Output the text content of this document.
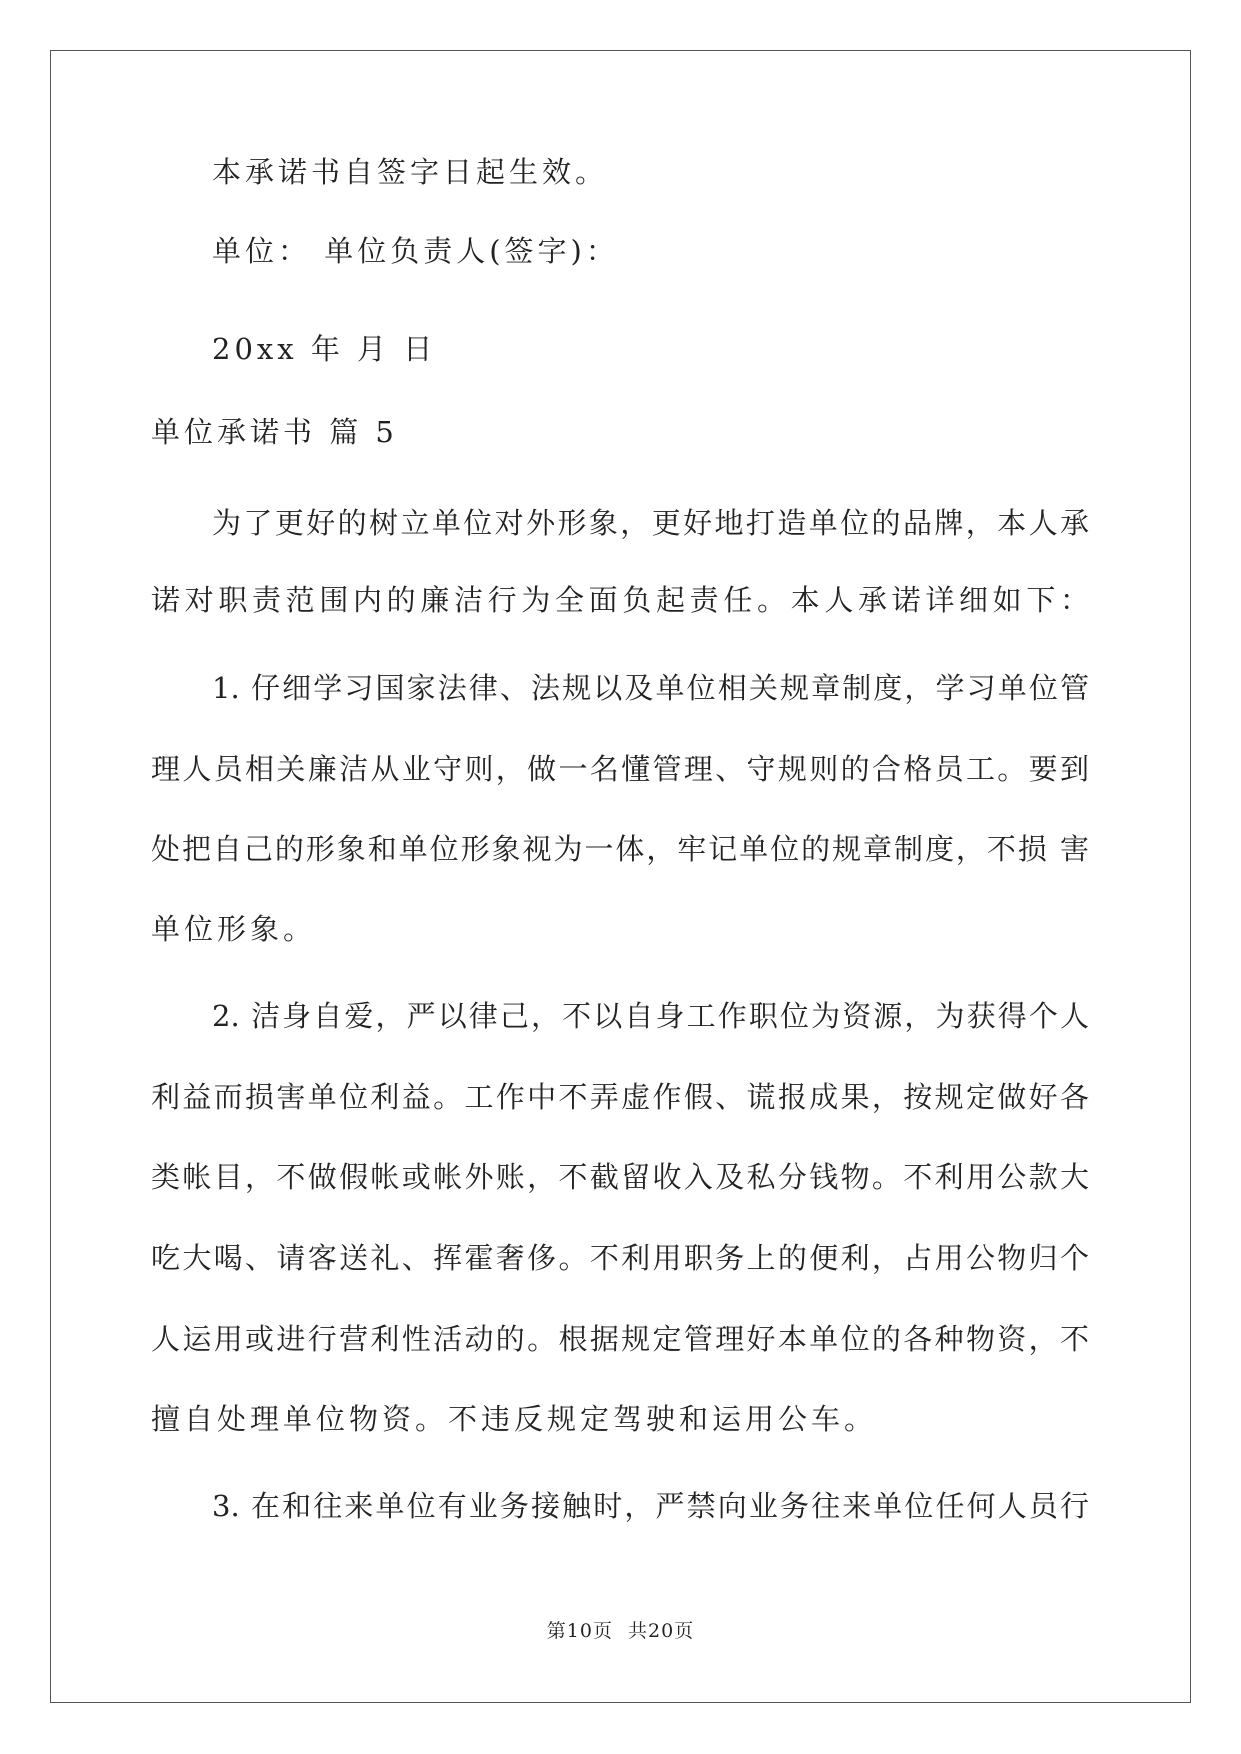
本承诺书自签字日起生效。
单位： 单位负责人(签字)：
20xx 年 月 日
单位承诺书 篇 5
为了更好的树立单位对外形象，更好地打造单位的品牌，本人承
诺对职责范围内的廉洁行为全面负起责任。本人承诺详细如下：
1. 仔细学习国家法律、法规以及单位相关规章制度，学习单位管
理人员相关廉洁从业守则，做一名懂管理、守规则的合格员工。要到
处把自己的形象和单位形象视为一体，牢记单位的规章制度，不损 害
单位形象。
2. 洁身自爱，严以律己，不以自身工作职位为资源，为获得个人
利益而损害单位利益。工作中不弄虚作假、谎报成果，按规定做好各
类帐目，不做假帐或帐外账，不截留收入及私分钱物。不利用公款大
吃大喝、请客送礼、挥霍奢侈。不利用职务上的便利，占用公物归个
人运用或进行营利性活动的。根据规定管理好本单位的各种物资，不
擅自处理单位物资。不违反规定驾驶和运用公车。
3. 在和往来单位有业务接触时，严禁向业务往来单位任何人员行
第10页 共20页
